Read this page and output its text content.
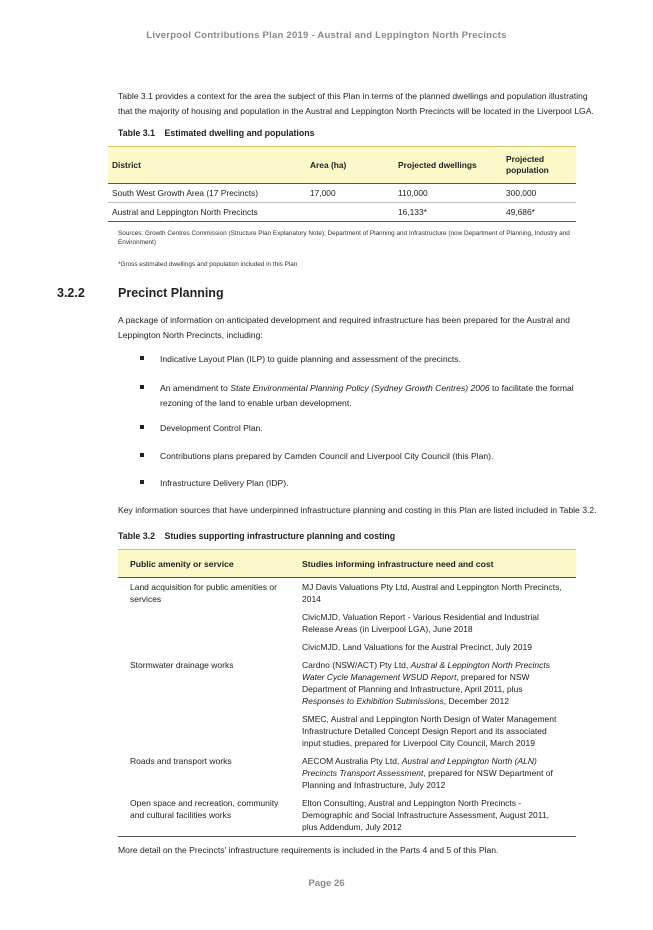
Liverpool Contributions Plan 2019 - Austral and Leppington North Precincts
Table 3.1 provides a context for the area the subject of this Plan in terms of the planned dwellings and population illustrating that the majority of housing and population in the Austral and Leppington North Precincts will be located in the Liverpool LGA.
Table 3.1 Estimated dwelling and populations
District	Area (ha)	Projected dwellings	Projected population
South West Growth Area (17 Precincts)	17,000	110,000	300,000
Austral and Leppington North Precincts		16,133*	49,686*
Sources: Growth Centres Commission (Structure Plan Explanatory Note); Department of Planning and Infrastructure (now Department of Planning, Industry and Environment)
*Gross estimated dwellings and population included in this Plan
3.2.2	Precinct Planning
A package of information on anticipated development and required infrastructure has been prepared for the Austral and Leppington North Precincts, including:
Indicative Layout Plan (ILP) to guide planning and assessment of the precincts.
An amendment to State Environmental Planning Policy (Sydney Growth Centres) 2006 to facilitate the formal rezoning of the land to enable urban development.
Development Control Plan.
Contributions plans prepared by Camden Council and Liverpool City Council (this Plan).
Infrastructure Delivery Plan (IDP).
Key information sources that have underpinned infrastructure planning and costing in this Plan are listed included in Table 3.2.
Table 3.2 Studies supporting infrastructure planning and costing
Public amenity or service	Studies informing infrastructure need and cost
Land acquisition for public amenities or services	MJ Davis Valuations Pty Ltd, Austral and Leppington North Precincts, 2014
	CivicMJD, Valuation Report - Various Residential and Industrial Release Areas (in Liverpool LGA), June 2018
	CivicMJD, Land Valuations for the Austral Precinct, July 2019
Stormwater drainage works	Cardno (NSW/ACT) Pty Ltd, Austral & Leppington North Precincts Water Cycle Management WSUD Report, prepared for NSW Department of Planning and Infrastructure, April 2011, plus Responses to Exhibition Submissions, December 2012
	SMEC, Austral and Leppington North Design of Water Management Infrastructure Detailed Concept Design Report and its associated input studies, prepared for Liverpool City Council, March 2019
Roads and transport works	AECOM Australia Pty Ltd, Austral and Leppington North (ALN) Precincts Transport Assessment, prepared for NSW Department of Planning and Infrastructure, July 2012
Open space and recreation, community and cultural facilities works	Elton Consulting, Austral and Leppington North Precincts - Demographic and Social Infrastructure Assessment, August 2011, plus Addendum, July 2012
More detail on the Precincts' infrastructure requirements is included in the Parts 4 and 5 of this Plan.
Page 26
